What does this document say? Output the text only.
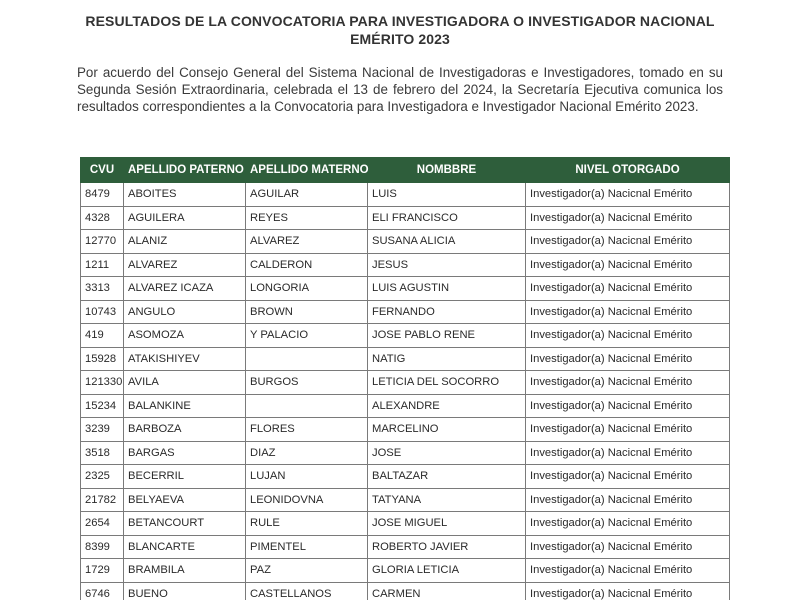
RESULTADOS DE LA CONVOCATORIA PARA INVESTIGADORA O INVESTIGADOR NACIONAL EMÉRITO 2023
Por acuerdo del Consejo General del Sistema Nacional de Investigadoras e Investigadores, tomado en su Segunda Sesión Extraordinaria, celebrada el 13 de febrero del 2024, la Secretaría Ejecutiva comunica los resultados correspondientes a la Convocatoria para Investigadora e Investigador Nacional Emérito 2023.
CVU	APELLIDO PATERNO	APELLIDO MATERNO	NOMBBRE	NIVEL OTORGADO
8479	ABOITES	AGUILAR	LUIS	Investigador(a) Nacicnal Emérito
4328	AGUILERA	REYES	ELI FRANCISCO	Investigador(a) Nacicnal Emérito
12770	ALANIZ	ALVAREZ	SUSANA ALICIA	Investigador(a) Nacicnal Emérito
1211	ALVAREZ	CALDERON	JESUS	Investigador(a) Nacicnal Emérito
3313	ALVAREZ ICAZA	LONGORIA	LUIS AGUSTIN	Investigador(a) Nacicnal Emérito
10743	ANGULO	BROWN	FERNANDO	Investigador(a) Nacicnal Emérito
419	ASOMOZA	Y PALACIO	JOSE PABLO RENE	Investigador(a) Nacicnal Emérito
15928	ATAKISHIYEV		NATIG	Investigador(a) Nacicnal Emérito
121330	AVILA	BURGOS	LETICIA DEL SOCORRO	Investigador(a) Nacicnal Emérito
15234	BALANKINE		ALEXANDRE	Investigador(a) Nacicnal Emérito
3239	BARBOZA	FLORES	MARCELINO	Investigador(a) Nacicnal Emérito
3518	BARGAS	DIAZ	JOSE	Investigador(a) Nacicnal Emérito
2325	BECERRIL	LUJAN	BALTAZAR	Investigador(a) Nacicnal Emérito
21782	BELYAEVA	LEONIDOVNA	TATYANA	Investigador(a) Nacicnal Emérito
2654	BETANCOURT	RULE	JOSE MIGUEL	Investigador(a) Nacicnal Emérito
8399	BLANCARTE	PIMENTEL	ROBERTO JAVIER	Investigador(a) Nacicnal Emérito
1729	BRAMBILA	PAZ	GLORIA LETICIA	Investigador(a) Nacicnal Emérito
6746	BUENO	CASTELLANOS	CARMEN	Investigador(a) Nacicnal Emérito
